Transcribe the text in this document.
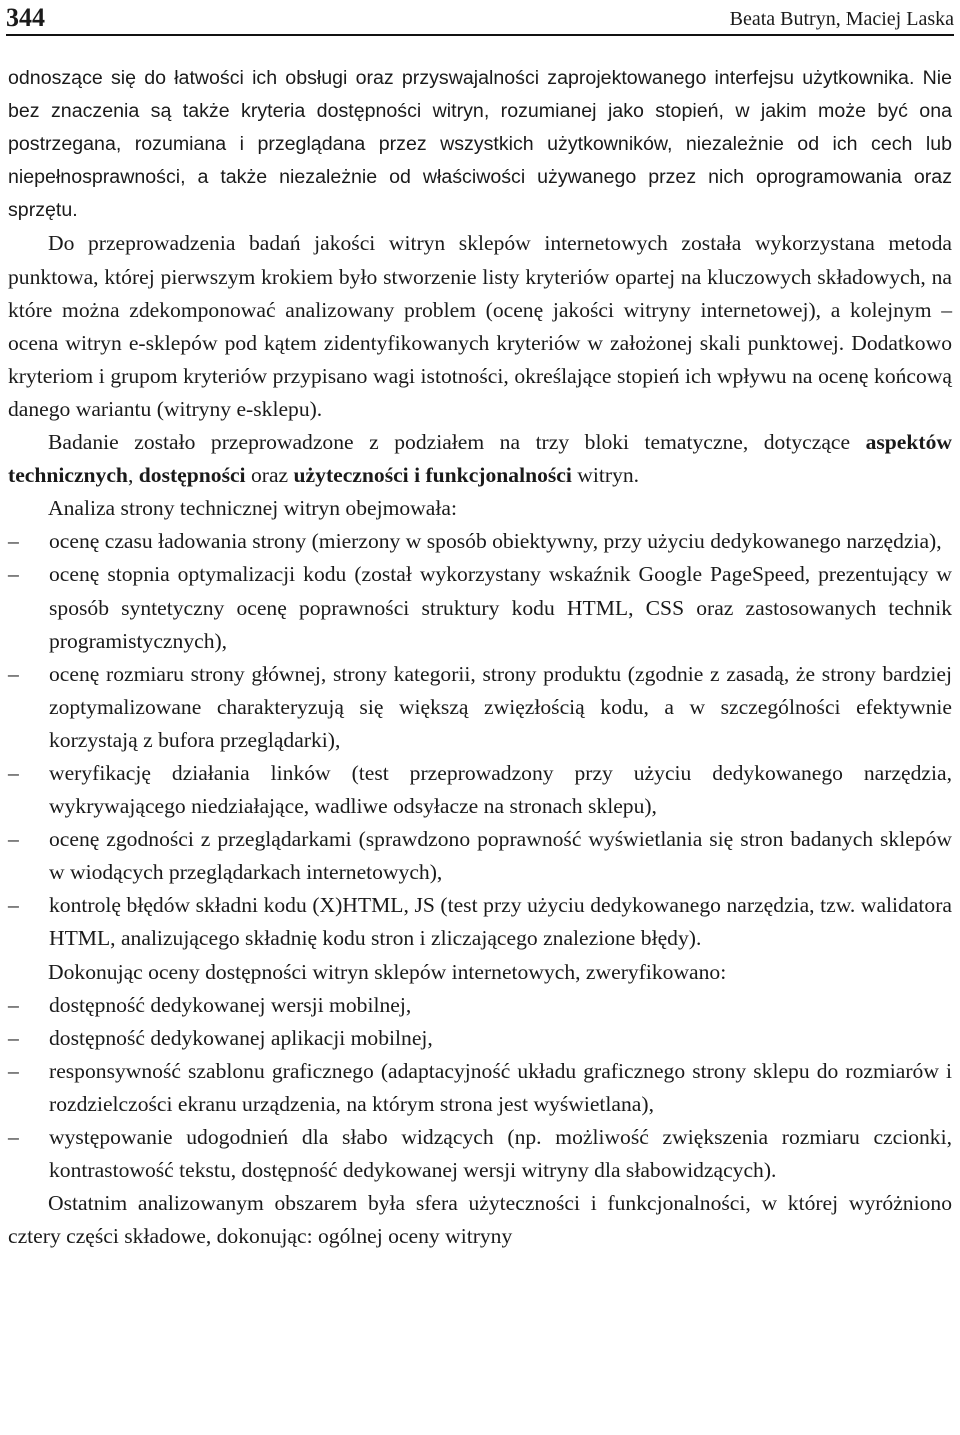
344	Beata Butryn, Maciej Laska

odnoszące się do łatwości ich obsługi oraz przyswajalności zaprojektowanego interfejsu użytkownika. Nie bez znaczenia są także kryteria dostępności witryn, rozumianej jako stopień, w jakim może być ona postrzegana, rozumiana i przeglądana przez wszystkich użytkowników, niezależnie od ich cech lub niepełnosprawności, a także niezależnie od właściwości używanego przez nich oprogramowania oraz sprzętu.

Do przeprowadzenia badań jakości witryn sklepów internetowych została wykorzystana metoda punktowa, której pierwszym krokiem było stworzenie listy kryteriów opartej na kluczowych składowych, na które można zdekomponować analizowany problem (ocenę jakości witryny internetowej), a kolejnym – ocena witryn e-sklepów pod kątem zidentyfikowanych kryteriów w założonej skali punktowej. Dodatkowo kryteriom i grupom kryteriów przypisano wagi istotności, określające stopień ich wpływu na ocenę końcową danego wariantu (witryny e-sklepu).

Badanie zostało przeprowadzone z podziałem na trzy bloki tematyczne, dotyczące aspektów technicznych, dostępności oraz użyteczności i funkcjonalności witryn.

Analiza strony technicznej witryn obejmowała:

–	ocenę czasu ładowania strony (mierzony w sposób obiektywny, przy użyciu dedykowanego narzędzia),
–	ocenę stopnia optymalizacji kodu (został wykorzystany wskaźnik Google PageSpeed, prezentujący w sposób syntetyczny ocenę poprawności struktury kodu HTML, CSS oraz zastosowanych technik programistycznych),
–	ocenę rozmiaru strony głównej, strony kategorii, strony produktu (zgodnie z zasadą, że strony bardziej zoptymalizowane charakteryzują się większą zwięzłością kodu, a w szczególności efektywnie korzystają z bufora przeglądarki),
–	weryfikację działania linków (test przeprowadzony przy użyciu dedykowanego narzędzia, wykrywającego niedziałające, wadliwe odsyłacze na stronach sklepu),
–	ocenę zgodności z przeglądarkami (sprawdzono poprawność wyświetlania się stron badanych sklepów w wiodących przeglądarkach internetowych),
–	kontrolę błędów składni kodu (X)HTML, JS (test przy użyciu dedykowanego narzędzia, tzw. walidatora HTML, analizującego składnię kodu stron i zliczającego znalezione błędy).

Dokonując oceny dostępności witryn sklepów internetowych, zweryfikowano:

–	dostępność dedykowanej wersji mobilnej,
–	dostępność dedykowanej aplikacji mobilnej,
–	responsywność szablonu graficznego (adaptacyjność układu graficznego strony sklepu do rozmiarów i rozdzielczości ekranu urządzenia, na którym strona jest wyświetlana),
–	występowanie udogodnień dla słabo widzących (np. możliwość zwiększenia rozmiaru czcionki, kontrastowość tekstu, dostępność dedykowanej wersji witryny dla słabowidzących).

Ostatnim analizowanym obszarem była sfera użyteczności i funkcjonalności, w której wyróżniono cztery części składowe, dokonując: ogólnej oceny witryny
